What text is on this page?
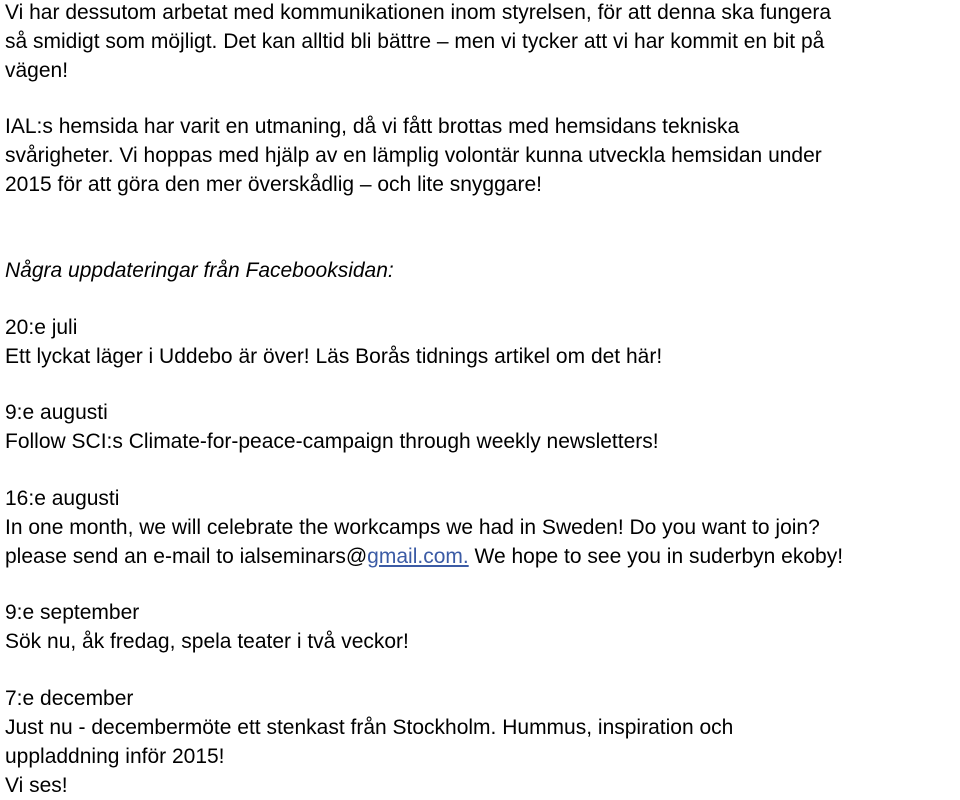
Vi har dessutom arbetat med kommunikationen inom styrelsen, för att denna ska fungera
så smidigt som möjligt. Det kan alltid bli bättre – men vi tycker att vi har kommit en bit på
vägen!

IAL:s hemsida har varit en utmaning, då vi fått brottas med hemsidans tekniska
svårigheter. Vi hoppas med hjälp av en lämplig volontär kunna utveckla hemsidan under
2015 för att göra den mer överskådlig – och lite snyggare!

Några uppdateringar från Facebooksidan:

20:e juli
Ett lyckat läger i Uddebo är över! Läs Borås tidnings artikel om det här!
9:e augusti
Follow SCI:s Climate-for-peace-campaign through weekly newsletters!
16:e augusti
In one month, we will celebrate the workcamps we had in Sweden! Do you want to join?
please send an e-mail to ialseminars@gmail.com. We hope to see you in suderbyn ekoby!
9:e september
Sök nu, åk fredag, spela teater i två veckor!
7:e december
Just nu - decembermöte ett stenkast från Stockholm. Hummus, inspiration och
uppladdning inför 2015!
Vi ses!
